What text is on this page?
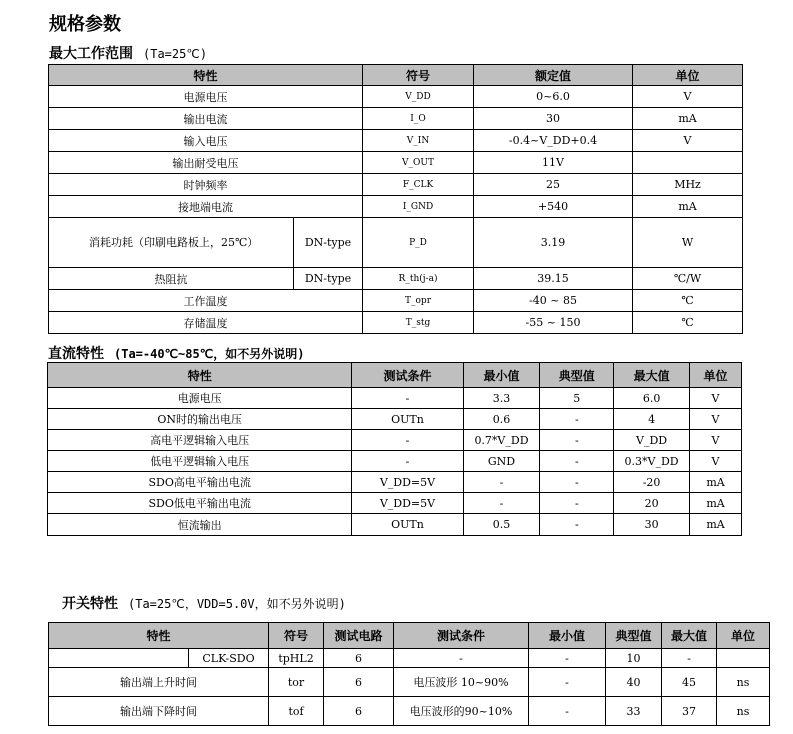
规格参数
最大工作范围 (Ta=25℃)
特性		符号	额定值	单位
电源电压		V_DD	0~6.0	V
输出电流		I_O	30	mA
输入电压		V_IN	-0.4~V_DD+0.4	V
输出耐受电压		V_OUT	11V	
时钟频率		F_CLK	25	MHz
接地端电流		I_GND	+540	mA
消耗功耗（印刷电路板上，25℃）	DN-type	P_D	3.19	W
热阻抗	DN-type	R_th(j-a)	39.15	℃/W
工作温度		T_opr	-40 ~ 85	℃
存储温度		T_stg	-55 ~ 150	℃
直流特性 (Ta=-40℃~85℃，如不另外说明)
特性	测试条件	最小值	典型值	最大值	单位
电源电压	-	3.3	5	6.0	V
ON时的输出电压	OUTn	0.6	-	4	V
高电平逻辑输入电压	-	0.7*V_DD	-	V_DD	V
低电平逻辑输入电压	-	GND	-	0.3*V_DD	V
SDO高电平输出电流	V_DD=5V	-	-	-20	mA
SDO低电平输出电流	V_DD=5V	-	-	20	mA
恒流输出	OUTn	0.5	-	30	mA
开关特性 (Ta=25℃，VDD=5.0V，如不另外说明)
特性		符号	测试电路	测试条件	最小值	典型值	最大值	单位
	CLK-SDO	tpHL2	6	-	-	10	-	
输出端上升时间		tor	6	电压波形 10~90%	-	40	45	ns
输出端下降时间		tof	6	电压波形的90~10%	-	33	37	ns
